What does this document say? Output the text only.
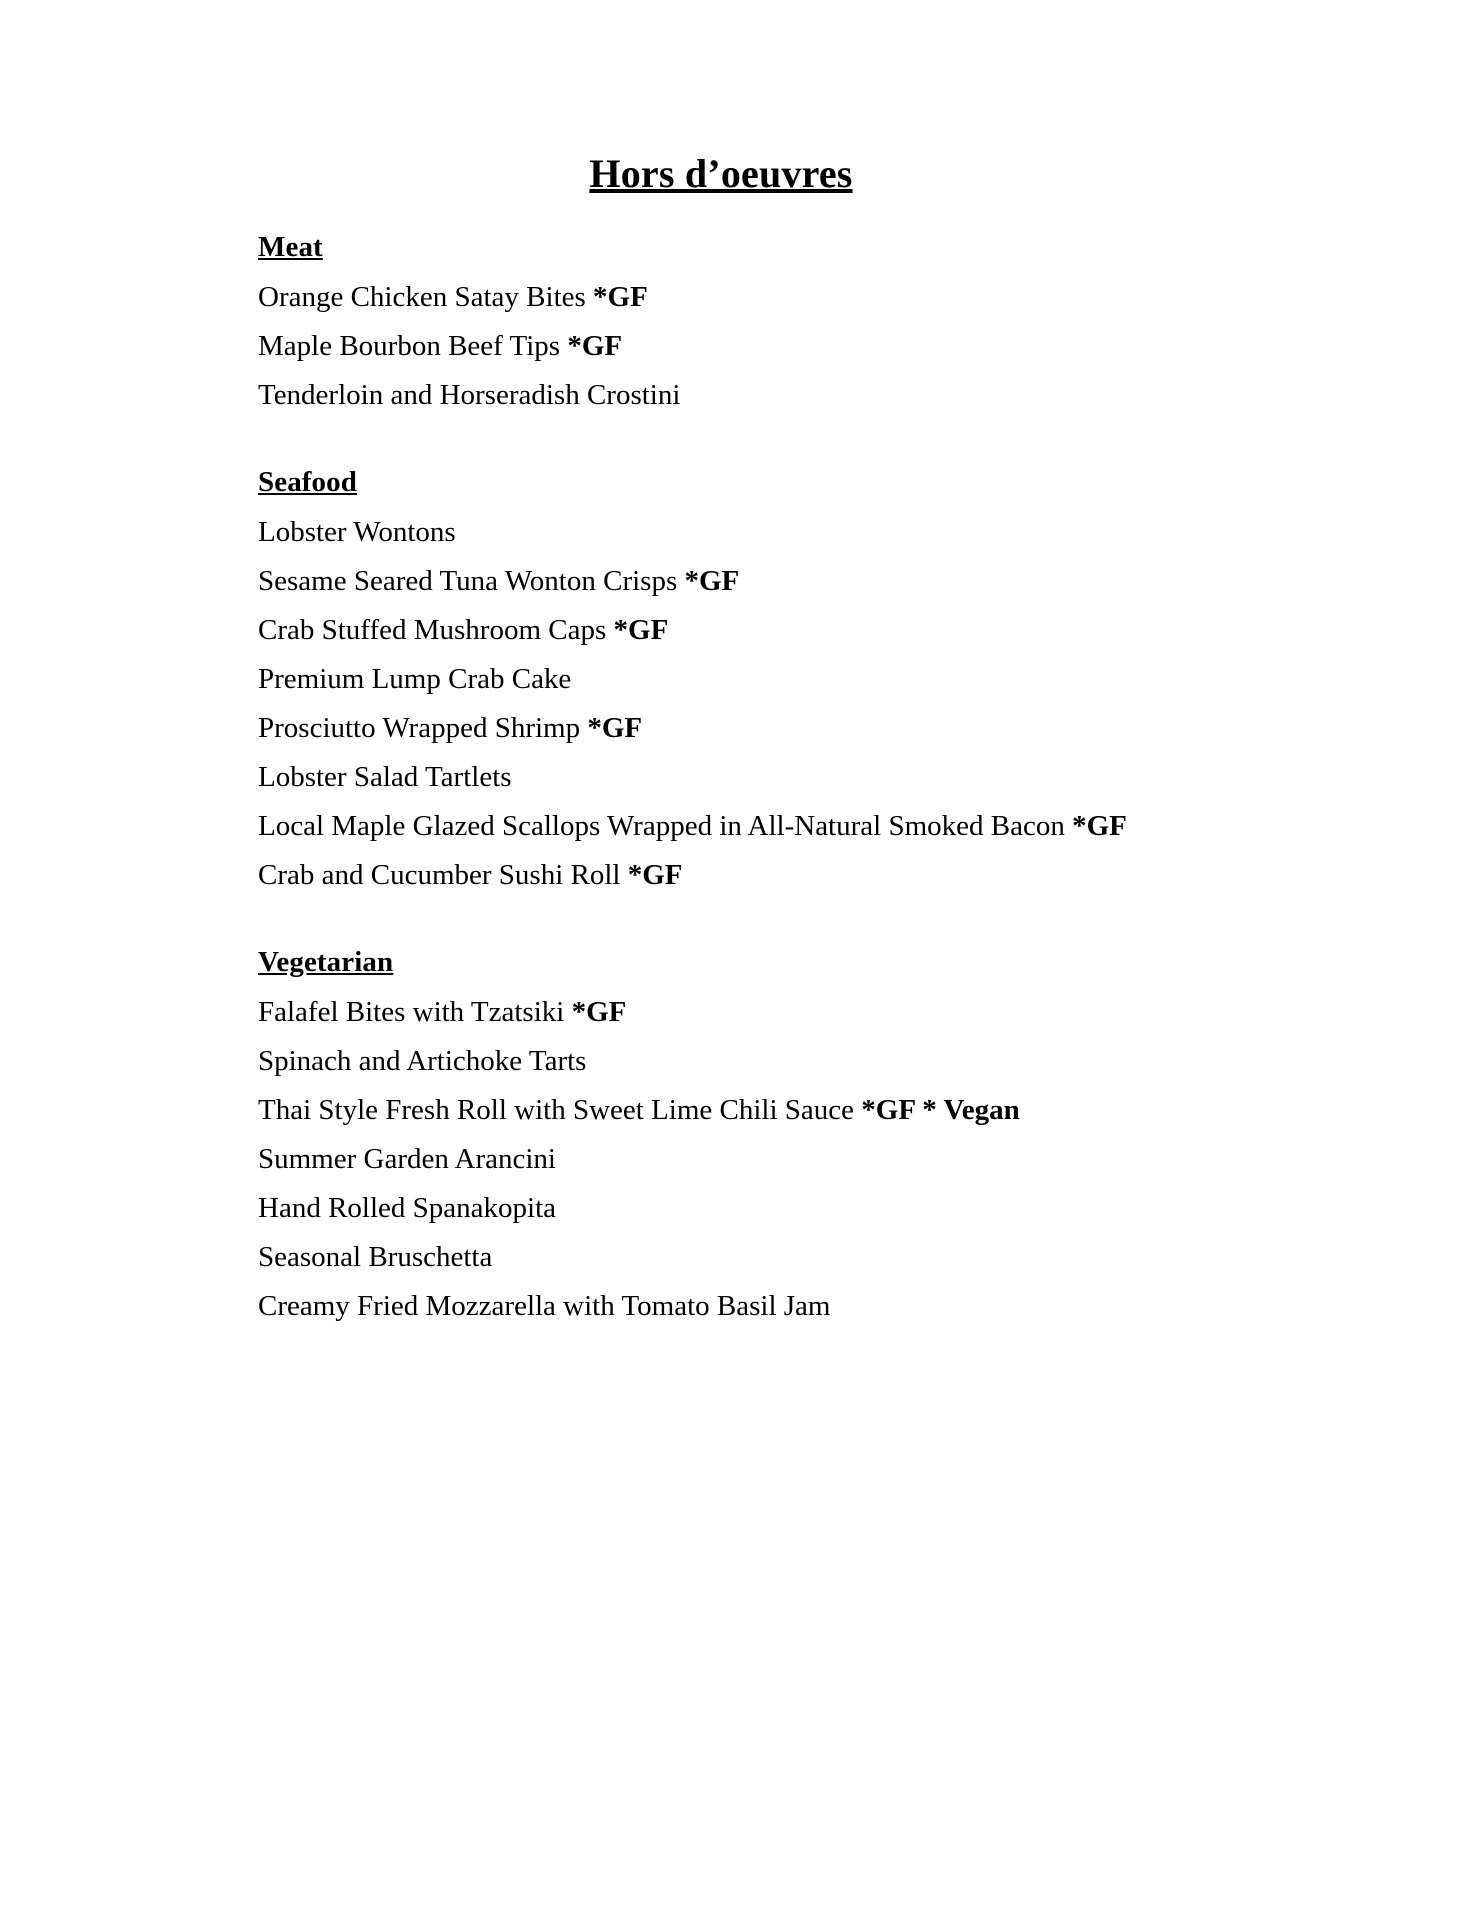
Hors d’oeuvres
Meat
Orange Chicken Satay Bites *GF
Maple Bourbon Beef Tips *GF
Tenderloin and Horseradish Crostini
Seafood
Lobster Wontons
Sesame Seared Tuna Wonton Crisps *GF
Crab Stuffed Mushroom Caps *GF
Premium Lump Crab Cake
Prosciutto Wrapped Shrimp *GF
Lobster Salad Tartlets
Local Maple Glazed Scallops Wrapped in All-Natural Smoked Bacon *GF
Crab and Cucumber Sushi Roll *GF
Vegetarian
Falafel Bites with Tzatsiki *GF
Spinach and Artichoke Tarts
Thai Style Fresh Roll with Sweet Lime Chili Sauce *GF * Vegan
Summer Garden Arancini
Hand Rolled Spanakopita
Seasonal Bruschetta
Creamy Fried Mozzarella with Tomato Basil Jam
